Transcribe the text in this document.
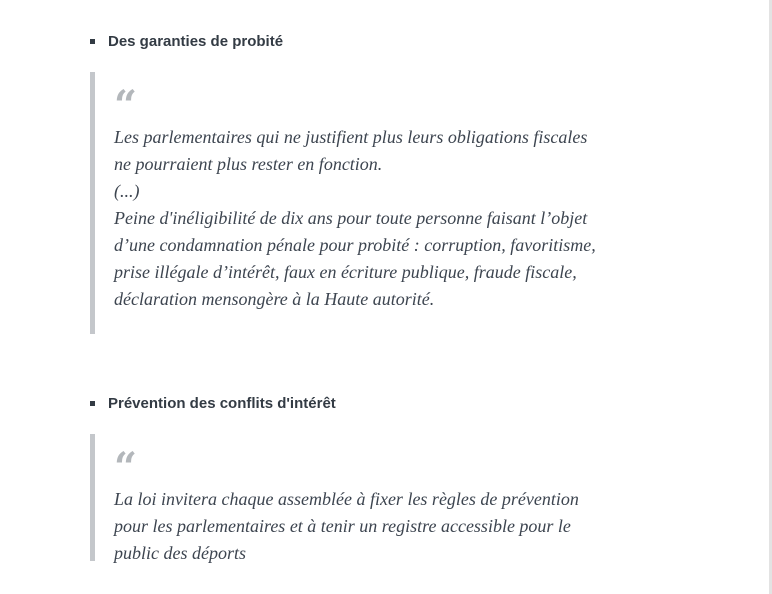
Des garanties de probité
“
Les parlementaires qui ne justifient plus leurs obligations fiscales
ne pourraient plus rester en fonction.
(...)
Peine d'inéligibilité de dix ans pour toute personne faisant l’objet
d’une condamnation pénale pour probité : corruption, favoritisme,
prise illégale d’intérêt, faux en écriture publique, fraude fiscale,
déclaration mensongère à la Haute autorité.
Prévention des conflits d'intérêt
“
La loi invitera chaque assemblée à fixer les règles de prévention
pour les parlementaires et à tenir un registre accessible pour le
public des déports
